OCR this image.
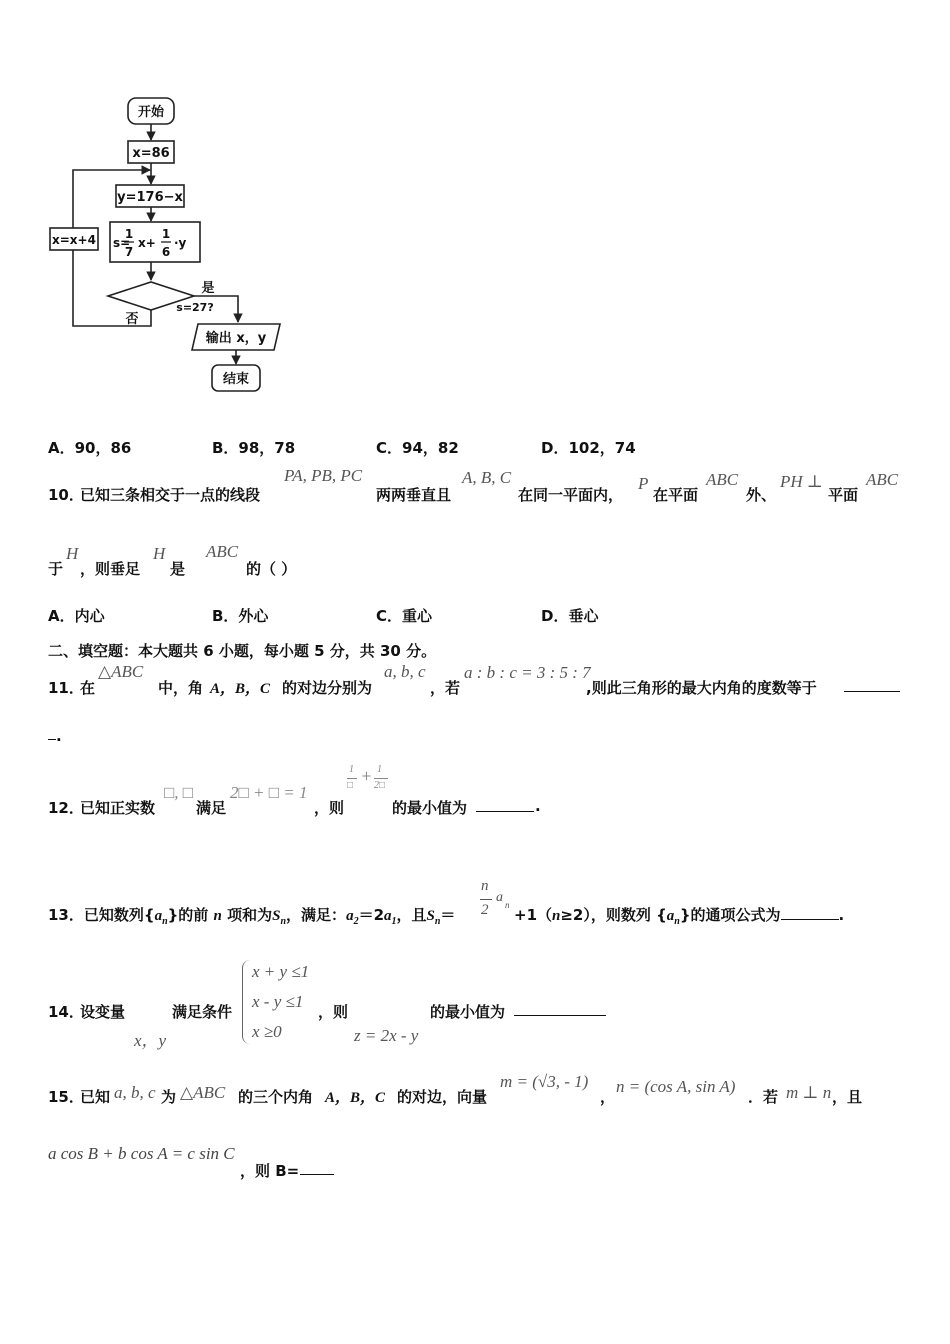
开始
x=86
y=176−x
s=27?
是
否
x=x+4
输出 x，y
结束
s=
1
7
x+
1
6
·y
A．90，86	B．98，78	C．94，82	D．102，74
10．
已知三条相交于一点的线段
PA, PB, PC
两两垂直且
A, B, C
在同一平面内，
P
在平面
ABC
外、
PH ⊥
平面
ABC
于
H
，则垂足
H
是
ABC
的（ ）
A．内心	B．外心	C．重心	D．垂心
二、填空题：本大题共 6 小题，每小题 5 分，共 30 分。
11．
在
△ABC
中，角 A，B，C 的对边分别为
a, b, c
，若
a : b : c = 3 : 5 : 7
,则此三角形的最大内角的度数等于
.
12．
已知正实数
□, □
满足
2□ + □ = 1
，则
1
□
+ 1
2□
的最小值为	.
13．已知数列$\{a_n\}$的前 n 项和为$S_n$，满足：$a_2=2a_1$，且$S_n=$
n
2
a n
+1（n≥2），则数列 $\{a_n\}$的通项公式为	.
14．
设变量
x，y
满足条件
x + y ≤1
x - y ≤1
x ≥0
，则
z = 2x - y
的最小值为
15．
已知 a, b, c 为 △ABC 的三个内角 A，B，C 的对边，向量
m = (√3, - 1)
，
n = (cos A, sin A)
．若 m ⊥ n ，且
a cos B + b cos A = c sin C
，则 B=
